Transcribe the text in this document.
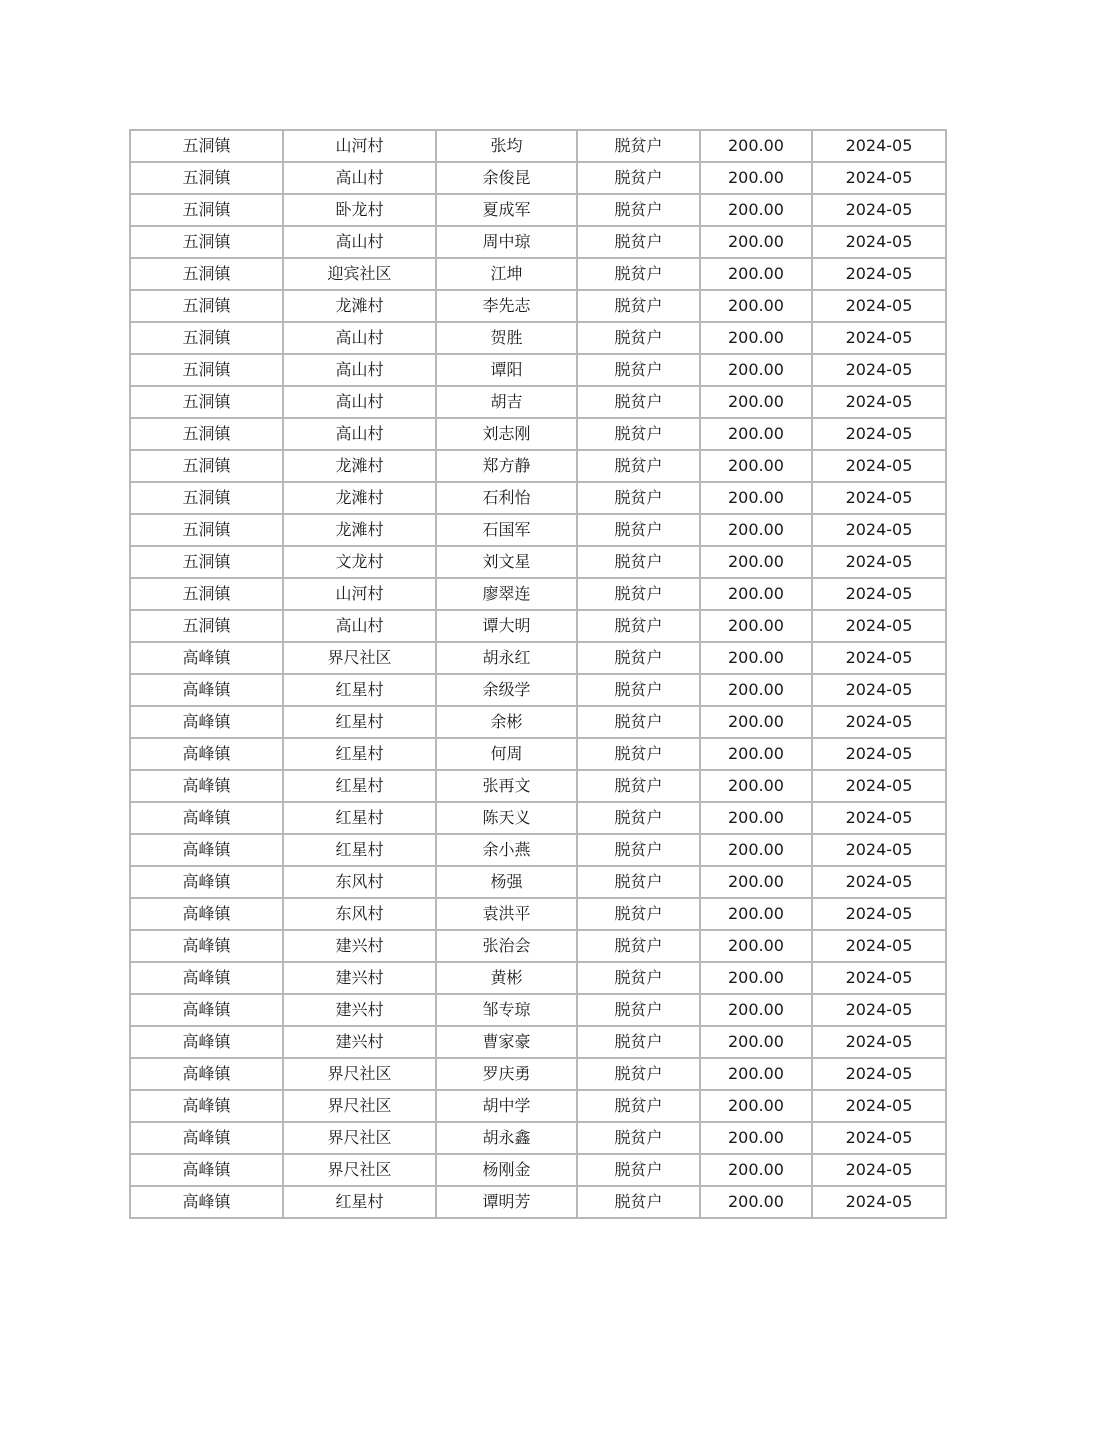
五洞镇	山河村	张均	脱贫户	200.00	2024-05
五洞镇	高山村	余俊昆	脱贫户	200.00	2024-05
五洞镇	卧龙村	夏成军	脱贫户	200.00	2024-05
五洞镇	高山村	周中琼	脱贫户	200.00	2024-05
五洞镇	迎宾社区	江坤	脱贫户	200.00	2024-05
五洞镇	龙滩村	李先志	脱贫户	200.00	2024-05
五洞镇	高山村	贺胜	脱贫户	200.00	2024-05
五洞镇	高山村	谭阳	脱贫户	200.00	2024-05
五洞镇	高山村	胡吉	脱贫户	200.00	2024-05
五洞镇	高山村	刘志刚	脱贫户	200.00	2024-05
五洞镇	龙滩村	郑方静	脱贫户	200.00	2024-05
五洞镇	龙滩村	石利怡	脱贫户	200.00	2024-05
五洞镇	龙滩村	石国军	脱贫户	200.00	2024-05
五洞镇	文龙村	刘文星	脱贫户	200.00	2024-05
五洞镇	山河村	廖翠连	脱贫户	200.00	2024-05
五洞镇	高山村	谭大明	脱贫户	200.00	2024-05
高峰镇	界尺社区	胡永红	脱贫户	200.00	2024-05
高峰镇	红星村	余级学	脱贫户	200.00	2024-05
高峰镇	红星村	余彬	脱贫户	200.00	2024-05
高峰镇	红星村	何周	脱贫户	200.00	2024-05
高峰镇	红星村	张再文	脱贫户	200.00	2024-05
高峰镇	红星村	陈天义	脱贫户	200.00	2024-05
高峰镇	红星村	余小燕	脱贫户	200.00	2024-05
高峰镇	东风村	杨强	脱贫户	200.00	2024-05
高峰镇	东风村	袁洪平	脱贫户	200.00	2024-05
高峰镇	建兴村	张治会	脱贫户	200.00	2024-05
高峰镇	建兴村	黄彬	脱贫户	200.00	2024-05
高峰镇	建兴村	邹专琼	脱贫户	200.00	2024-05
高峰镇	建兴村	曹家豪	脱贫户	200.00	2024-05
高峰镇	界尺社区	罗庆勇	脱贫户	200.00	2024-05
高峰镇	界尺社区	胡中学	脱贫户	200.00	2024-05
高峰镇	界尺社区	胡永鑫	脱贫户	200.00	2024-05
高峰镇	界尺社区	杨刚金	脱贫户	200.00	2024-05
高峰镇	红星村	谭明芳	脱贫户	200.00	2024-05
